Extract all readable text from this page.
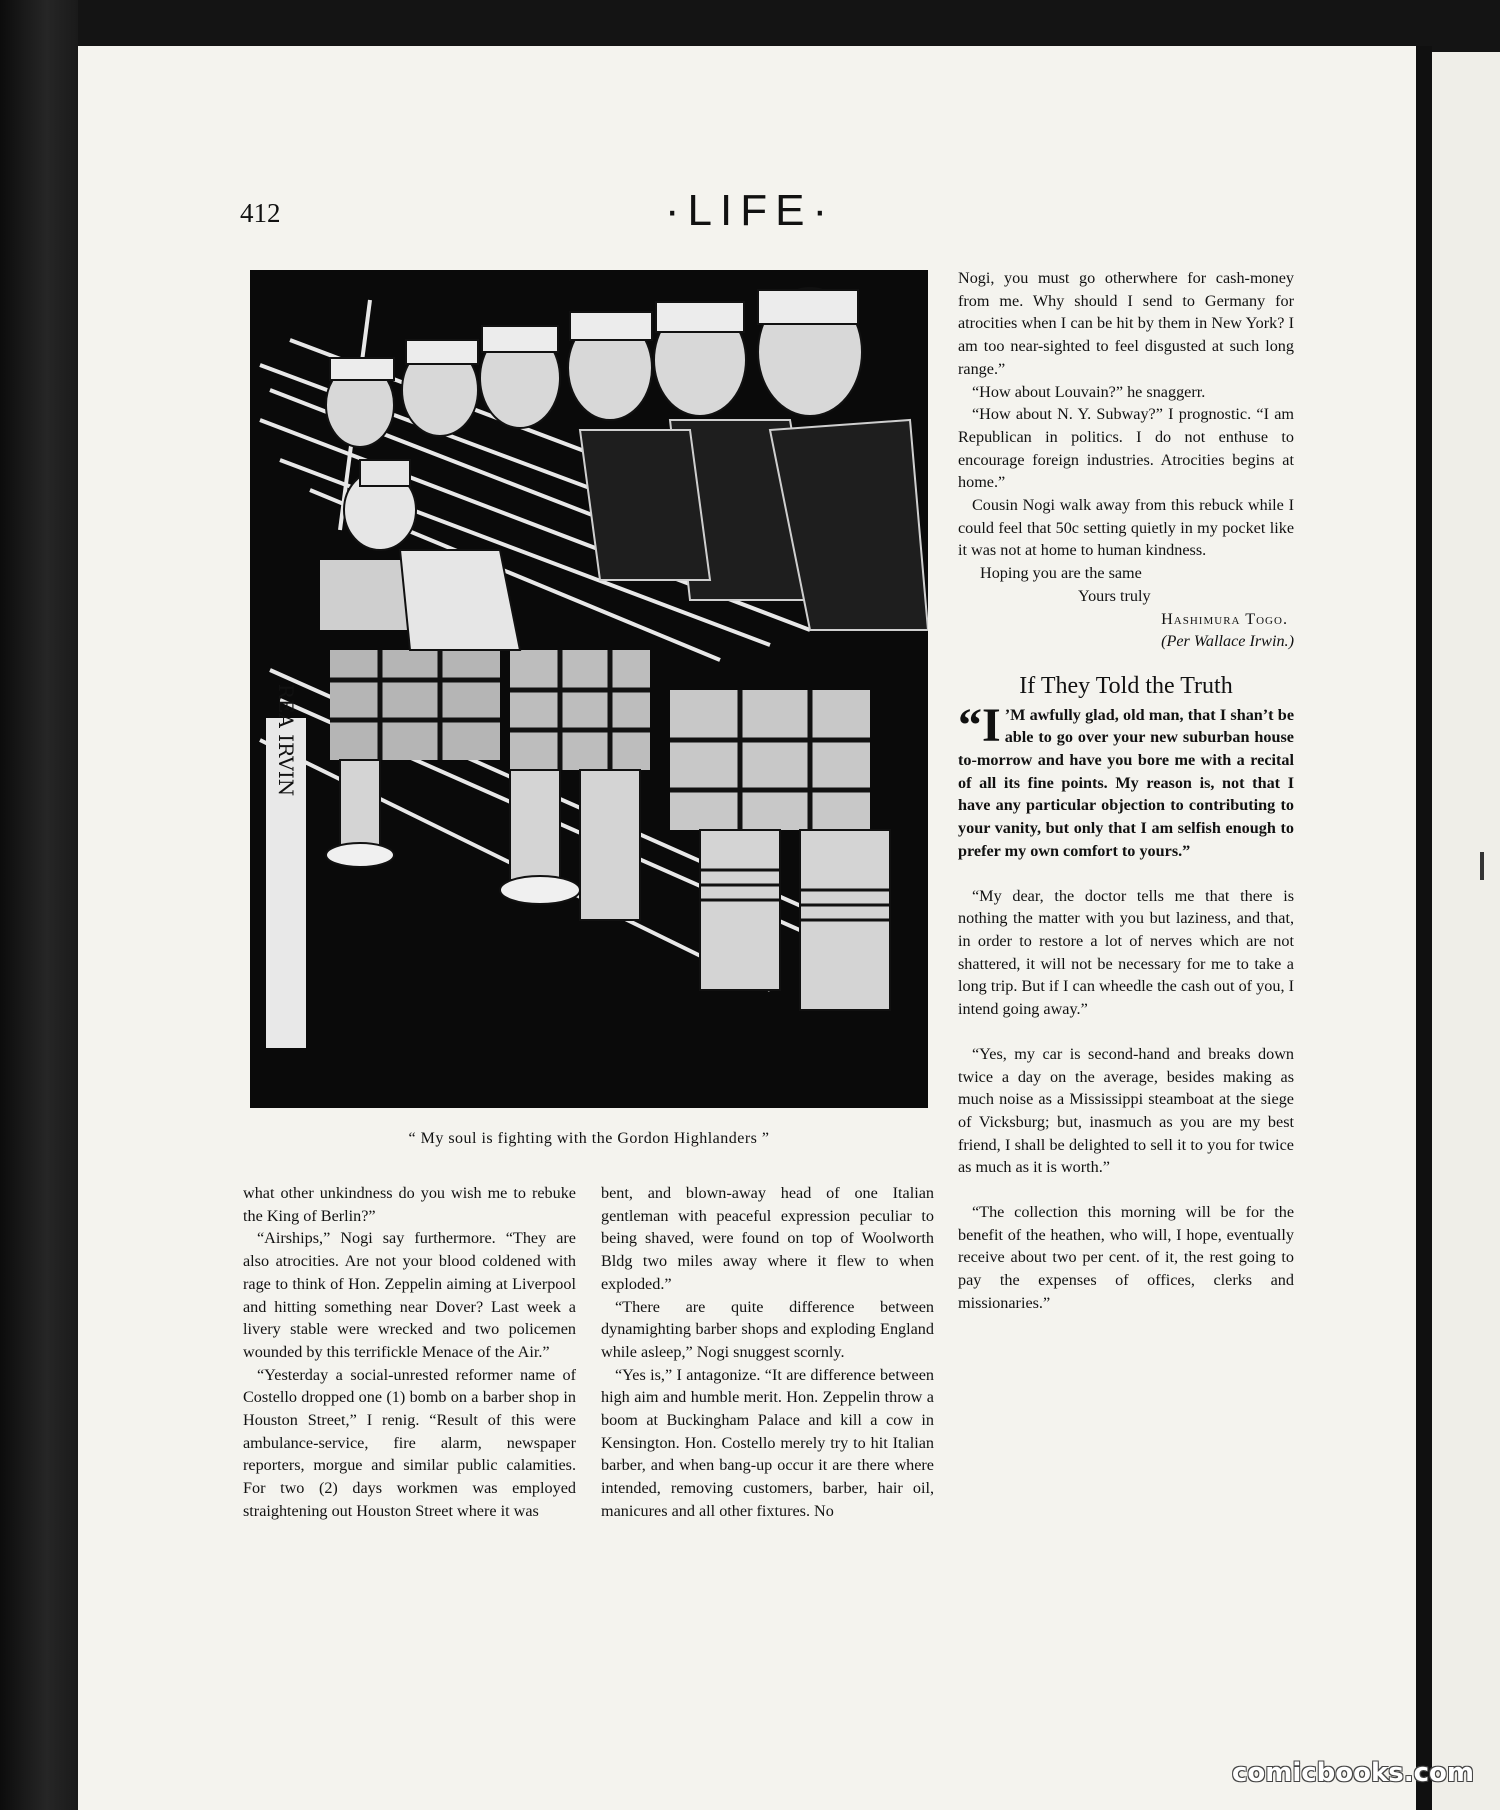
412	·LIFE·
REA IRVIN
“ My soul is fighting with the Gordon Highlanders ”

what other unkindness do you wish me to rebuke the King of Berlin?”

“Airships,” Nogi say furthermore. “They are also atrocities. Are not your blood coldened with rage to think of Hon. Zeppelin aiming at Liverpool and hitting something near Dover? Last week a livery stable were wrecked and two policemen wounded by this terrifickle Menace of the Air.”

“Yesterday a social-unrested reformer name of Costello dropped one (1) bomb on a barber shop in Houston Street,” I renig. “Result of this were ambulance-service, fire alarm, newspaper reporters, morgue and similar public calamities. For two (2) days workmen was employed straightening out Houston Street where it was

bent, and blown-away head of one Italian gentleman with peaceful expression peculiar to being shaved, were found on top of Woolworth Bldg two miles away where it flew to when exploded.”

“There are quite difference between dynamighting barber shops and exploding England while asleep,” Nogi snuggest scornly.

“Yes is,” I antagonize. “It are difference between high aim and humble merit. Hon. Zeppelin throw a boom at Buckingham Palace and kill a cow in Kensington. Hon. Costello merely try to hit Italian barber, and when bang-up occur it are there where intended, removing customers, barber, hair oil, manicures and all other fixtures. No

Nogi, you must go otherwhere for cash-money from me. Why should I send to Germany for atrocities when I can be hit by them in New York? I am too near-sighted to feel disgusted at such long range.”

“How about Louvain?” he snaggerr.

“How about N. Y. Subway?” I prognostic. “I am Republican in politics. I do not enthuse to encourage foreign industries. Atrocities begins at home.”

Cousin Nogi walk away from this rebuck while I could feel that 50c setting quietly in my pocket like it was not at home to human kindness.

Hoping you are the same
Yours truly
Hashimura Togo.
(Per Wallace Irwin.)
If They Told the Truth

“I ’M awfully glad, old man, that I shan’t be able to go over your new suburban house to-morrow and have you bore me with a recital of all its fine points. My reason is, not that I have any particular objection to contributing to your vanity, but only that I am selfish enough to prefer my own comfort to yours.”

“My dear, the doctor tells me that there is nothing the matter with you but laziness, and that, in order to restore a lot of nerves which are not shattered, it will not be necessary for me to take a long trip. But if I can wheedle the cash out of you, I intend going away.”

“Yes, my car is second-hand and breaks down twice a day on the average, besides making as much noise as a Mississippi steamboat at the siege of Vicksburg; but, inasmuch as you are my best friend, I shall be delighted to sell it to you for twice as much as it is worth.”

“The collection this morning will be for the benefit of the heathen, who will, I hope, eventually receive about two per cent. of it, the rest going to pay the expenses of offices, clerks and missionaries.”

comicbooks.com
